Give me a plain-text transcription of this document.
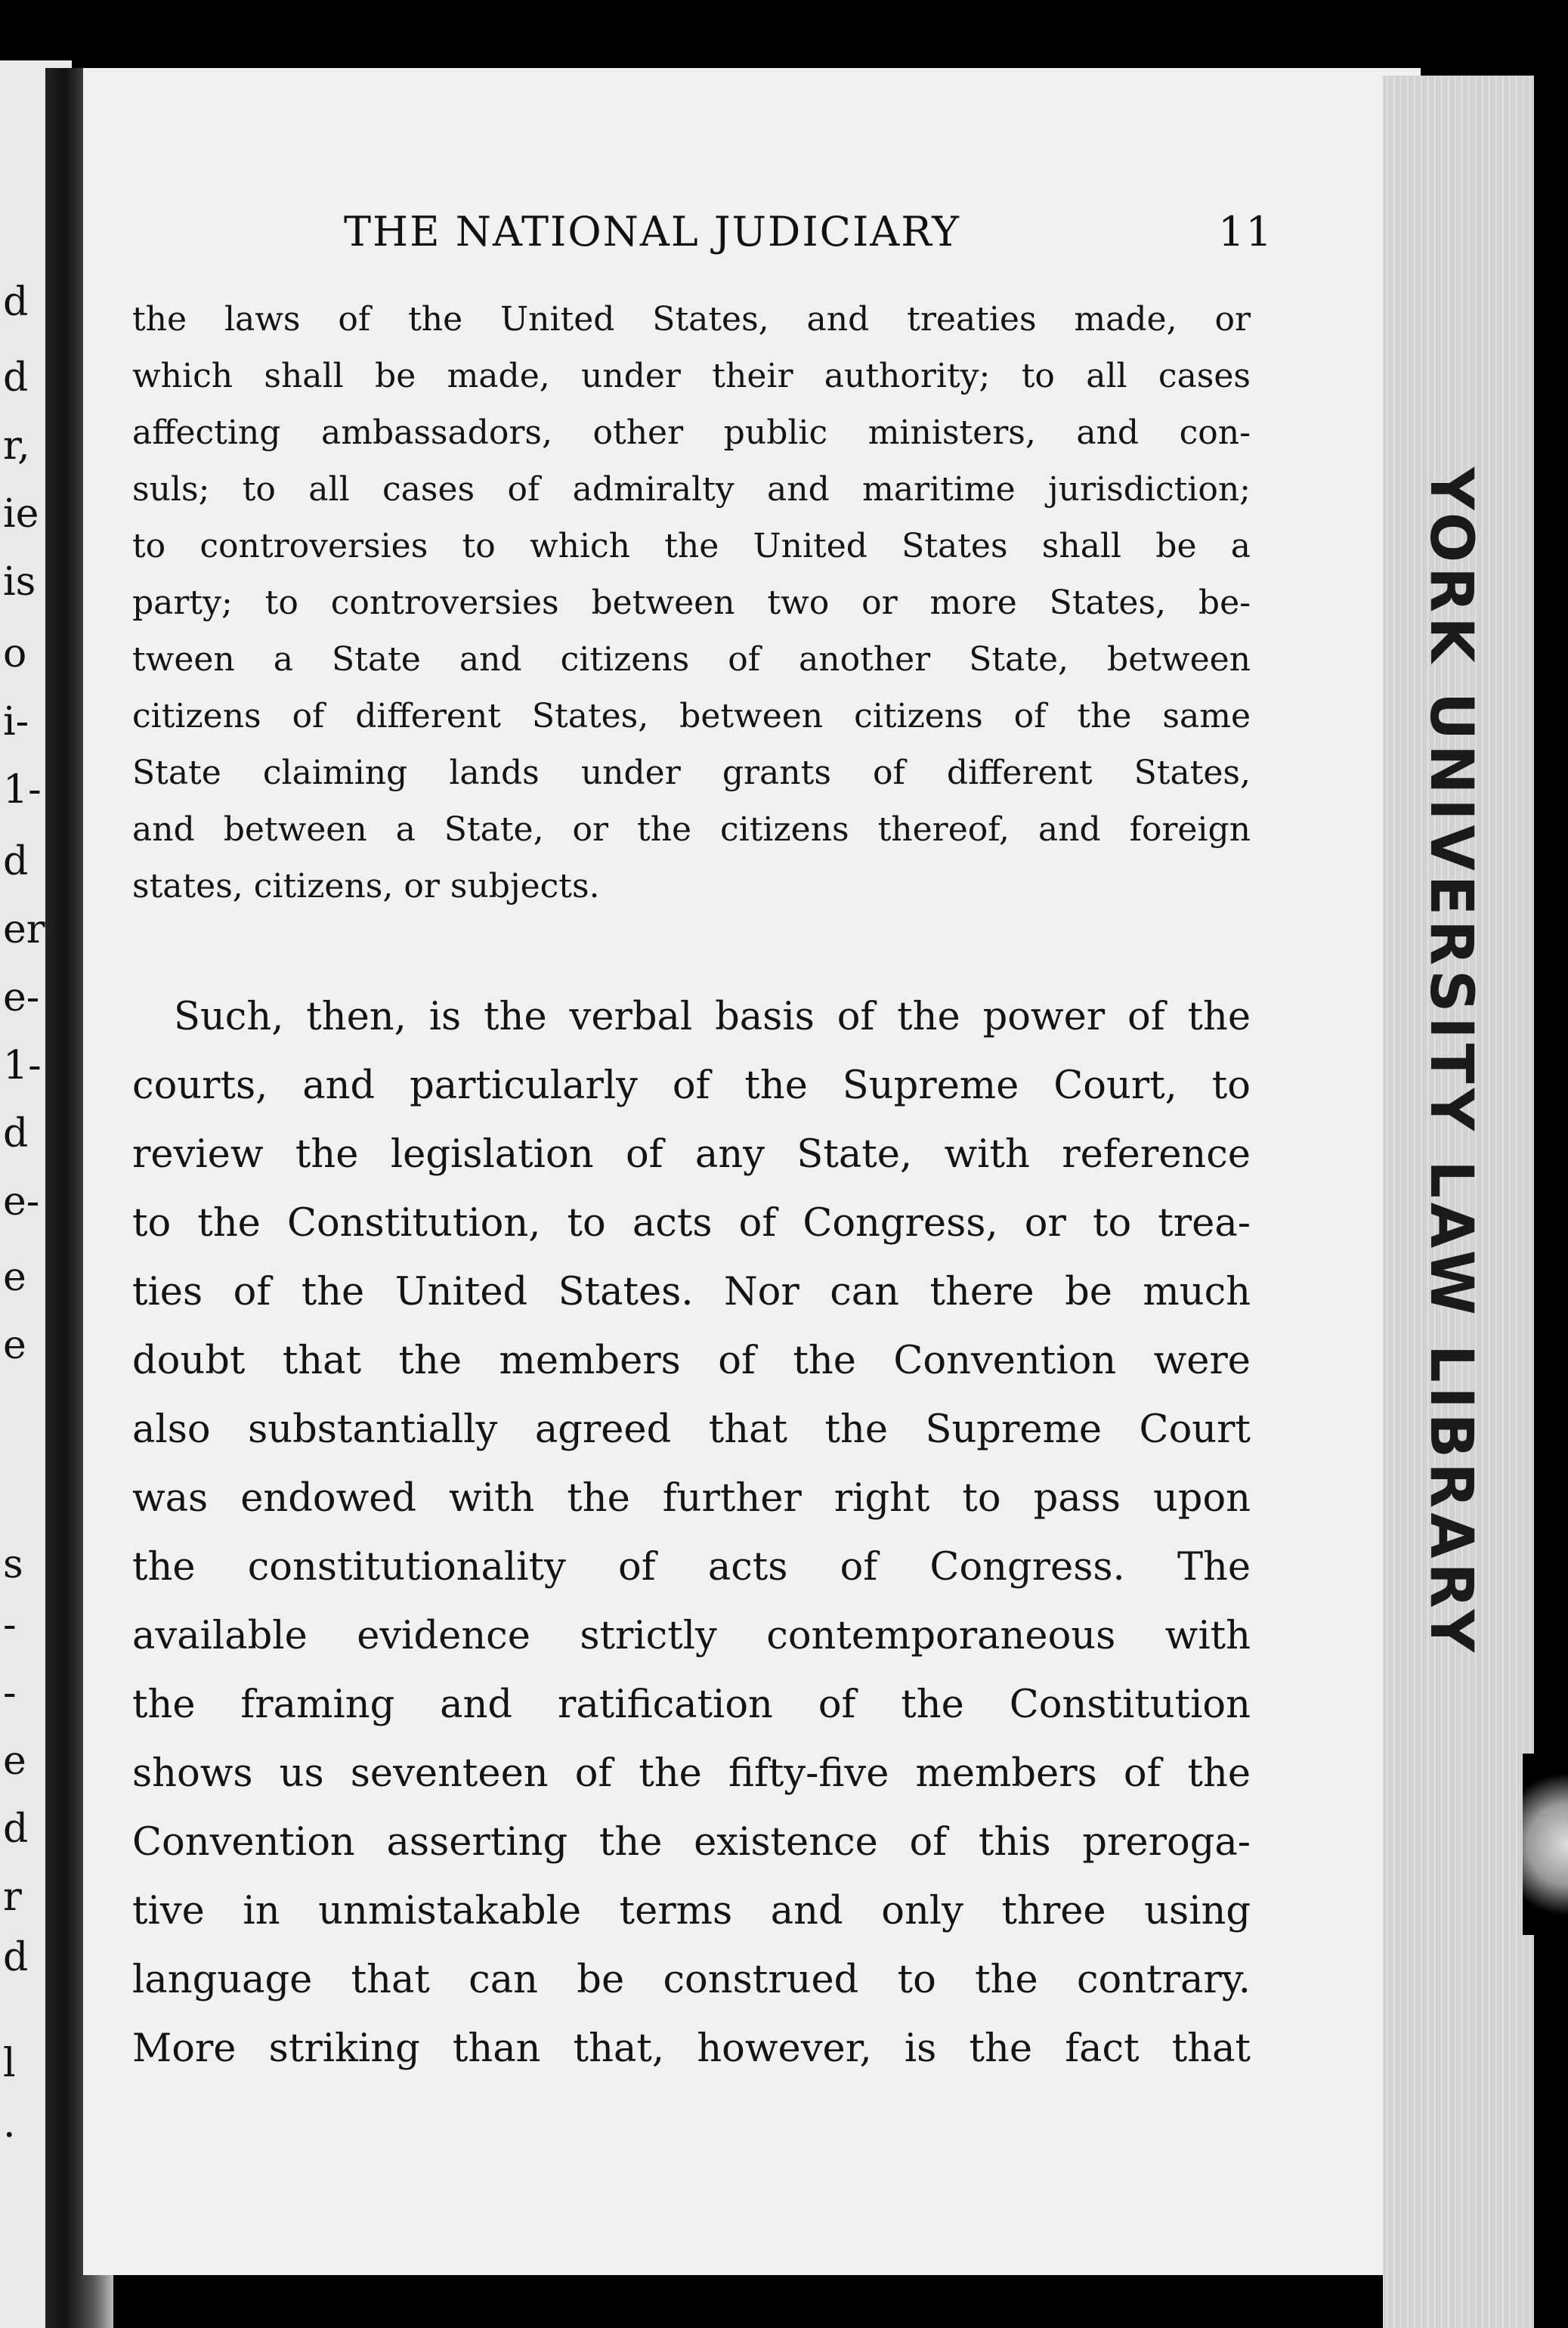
d
d
r,
ie
is
o
i-
1-
d
er
e-
1-
d
e-
e
e
s
-
-
e
d
r
d
l
.
YORK UNIVERSITY LAW LIBRARY
THE NATIONAL JUDICIARY	11
the laws of the United States, and treaties made, or
which shall be made, under their authority; to all cases
affecting ambassadors, other public ministers, and con-
suls; to all cases of admiralty and maritime jurisdiction;
to controversies to which the United States shall be a
party; to controversies between two or more States, be-
tween a State and citizens of another State, between
citizens of different States, between citizens of the same
State claiming lands under grants of different States,
and between a State, or the citizens thereof, and foreign
states, citizens, or subjects.
Such, then, is the verbal basis of the power of the
courts, and particularly of the Supreme Court, to
review the legislation of any State, with reference
to the Constitution, to acts of Congress, or to trea-
ties of the United States. Nor can there be much
doubt that the members of the Convention were
also substantially agreed that the Supreme Court
was endowed with the further right to pass upon
the constitutionality of acts of Congress. The
available evidence strictly contemporaneous with
the framing and ratification of the Constitution
shows us seventeen of the fifty-five members of the
Convention asserting the existence of this preroga-
tive in unmistakable terms and only three using
language that can be construed to the contrary.
More striking than that, however, is the fact that
